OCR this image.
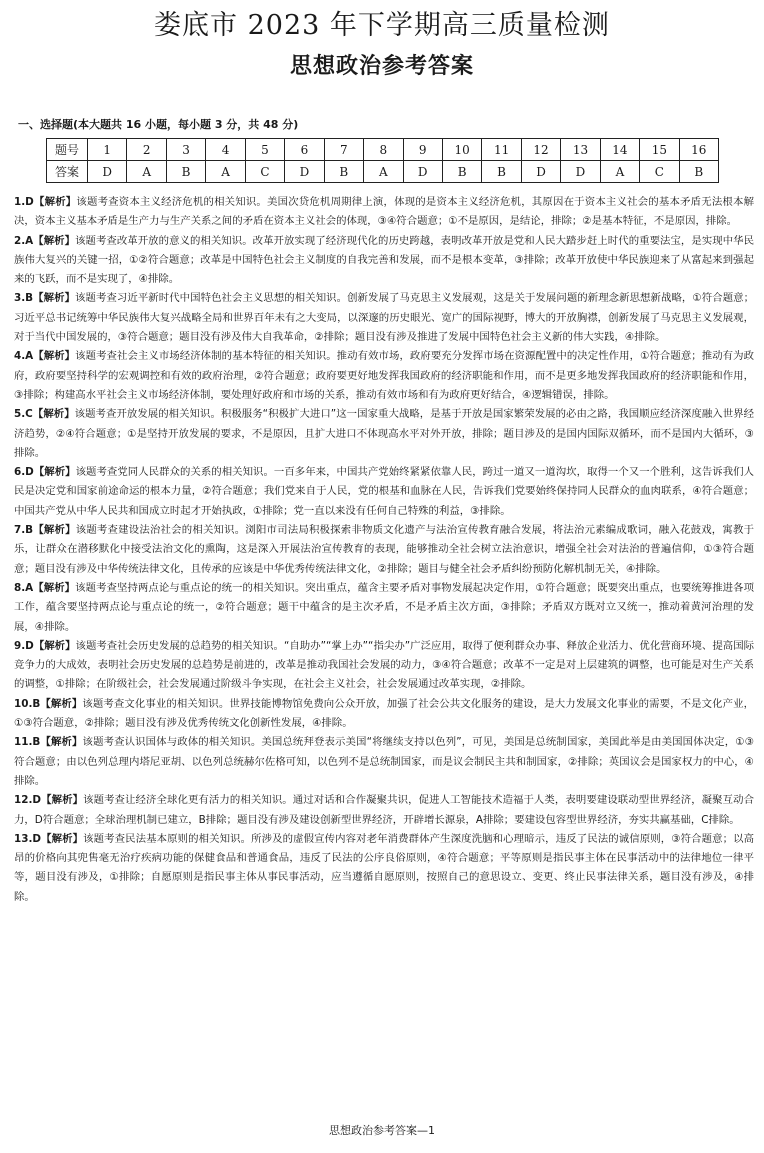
娄底市 2023 年下学期高三质量检测
思想政治参考答案
一、选择题(本大题共 16 小题，每小题 3 分，共 48 分)
题号	1	2	3	4	5	6	7	8	9	10	11	12	13	14	15	16
答案	D	A	B	A	C	D	B	A	D	B	B	D	D	A	C	B

1.D【解析】该题考查资本主义经济危机的相关知识。美国次贷危机周期律上演，体现的是资本主义经济危机，其原因在于资本主义社会的基本矛盾无法根本解决，资本主义基本矛盾是生产力与生产关系之间的矛盾在资本主义社会的体现，③④符合题意；①不是原因，是结论，排除；②是基本特征，不是原因，排除。

2.A【解析】该题考查改革开放的意义的相关知识。改革开放实现了经济现代化的历史跨越，表明改革开放是党和人民大踏步赶上时代的重要法宝，是实现中华民族伟大复兴的关键一招，①②符合题意；改革是中国特色社会主义制度的自我完善和发展，而不是根本变革，③排除；改革开放使中华民族迎来了从富起来到强起来的飞跃，而不是实现了，④排除。

3.B【解析】该题考查习近平新时代中国特色社会主义思想的相关知识。创新发展了马克思主义发展观，这是关于发展问题的新理念新思想新战略，①符合题意；习近平总书记统筹中华民族伟大复兴战略全局和世界百年未有之大变局，以深邃的历史眼光、宽广的国际视野，博大的开放胸襟，创新发展了马克思主义发展观，对于当代中国发展的，③符合题意；题目没有涉及伟大自我革命，②排除；题目没有涉及推进了发展中国特色社会主义新的伟大实践，④排除。

4.A【解析】该题考查社会主义市场经济体制的基本特征的相关知识。推动有效市场，政府要充分发挥市场在资源配置中的决定性作用，①符合题意；推动有为政府，政府要坚持科学的宏观调控和有效的政府治理，②符合题意；政府要更好地发挥我国政府的经济职能和作用，而不是更多地发挥我国政府的经济职能和作用，③排除；构建高水平社会主义市场经济体制，要处理好政府和市场的关系，推动有效市场和有为政府更好结合，④逻辑错误，排除。

5.C【解析】该题考查开放发展的相关知识。积极服务“积极扩大进口”这一国家重大战略，是基于开放是国家繁荣发展的必由之路，我国顺应经济深度融入世界经济趋势，②④符合题意；①是坚持开放发展的要求，不是原因，且扩大进口不体现高水平对外开放，排除；题目涉及的是国内国际双循环，而不是国内大循环，③排除。

6.D【解析】该题考查党同人民群众的关系的相关知识。一百多年来，中国共产党始终紧紧依靠人民，跨过一道又一道沟坎，取得一个又一个胜利，这告诉我们人民是决定党和国家前途命运的根本力量，②符合题意；我们党来自于人民，党的根基和血脉在人民，告诉我们党要始终保持同人民群众的血肉联系，④符合题意；中国共产党从中华人民共和国成立时起才开始执政，①排除；党一直以来没有任何自己特殊的利益，③排除。

7.B【解析】该题考查建设法治社会的相关知识。浏阳市司法局积极探索非物质文化遗产与法治宣传教育融合发展，将法治元素编成歌词，融入花鼓戏，寓教于乐，让群众在潜移默化中接受法治文化的熏陶，这是深入开展法治宣传教育的表现，能够推动全社会树立法治意识，增强全社会对法治的普遍信仰，①③符合题意；题目没有涉及中华传统法律文化，且传承的应该是中华优秀传统法律文化，②排除；题目与健全社会矛盾纠纷预防化解机制无关，④排除。

8.A【解析】该题考查坚持两点论与重点论的统一的相关知识。突出重点，蕴含主要矛盾对事物发展起决定作用，①符合题意；既要突出重点，也要统筹推进各项工作，蕴含要坚持两点论与重点论的统一，②符合题意；题干中蕴含的是主次矛盾，不是矛盾主次方面，③排除；矛盾双方既对立又统一，推动着黄河治理的发展，④排除。

9.D【解析】该题考查社会历史发展的总趋势的相关知识。“自助办”“掌上办”“指尖办”广泛应用，取得了便利群众办事、释放企业活力、优化营商环境、提高国际竞争力的大成效，表明社会历史发展的总趋势是前进的，改革是推动我国社会发展的动力，③④符合题意；改革不一定是对上层建筑的调整，也可能是对生产关系的调整，①排除；在阶级社会，社会发展通过阶级斗争实现，在社会主义社会，社会发展通过改革实现，②排除。

10.B【解析】该题考查文化事业的相关知识。世界技能博物馆免费向公众开放，加强了社会公共文化服务的建设，是大力发展文化事业的需要，不是文化产业，①③符合题意，②排除；题目没有涉及优秀传统文化创新性发展，④排除。

11.B【解析】该题考查认识国体与政体的相关知识。美国总统拜登表示美国“将继续支持以色列”，可见，美国是总统制国家，美国此举是由美国国体决定，①③符合题意；由以色列总理内塔尼亚胡、以色列总统赫尔佐格可知，以色列不是总统制国家，而是议会制民主共和制国家，②排除；英国议会是国家权力的中心，④排除。

12.D【解析】该题考查让经济全球化更有活力的相关知识。通过对话和合作凝聚共识，促进人工智能技术造福于人类，表明要建设联动型世界经济，凝聚互动合力，D符合题意；全球治理机制已建立，B排除；题目没有涉及建设创新型世界经济，开辟增长源泉，A排除；要建设包容型世界经济，夯实共赢基础，C排除。

13.D【解析】该题考查民法基本原则的相关知识。所涉及的虚假宣传内容对老年消费群体产生深度洗脑和心理暗示，违反了民法的诚信原则，③符合题意；以高昂的价格向其兜售毫无治疗疾病功能的保健食品和普通食品，违反了民法的公序良俗原则，④符合题意；平等原则是指民事主体在民事活动中的法律地位一律平等，题目没有涉及，①排除；自愿原则是指民事主体从事民事活动，应当遵循自愿原则，按照自己的意思设立、变更、终止民事法律关系，题目没有涉及，④排除。

思想政治参考答案—1
